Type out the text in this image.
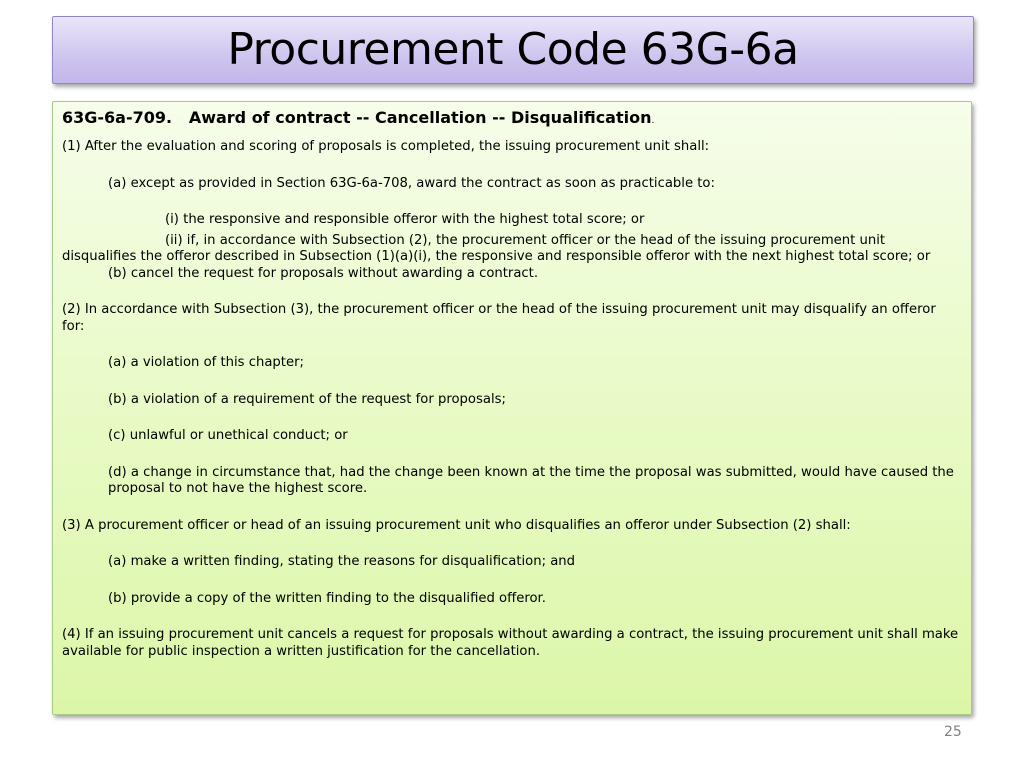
Procurement Code 63G-6a

63G-6a-709. Award of contract -- Cancellation -- Disqualification.

(1) After the evaluation and scoring of proposals is completed, the issuing procurement unit shall:

(a) except as provided in Section 63G-6a-708, award the contract as soon as practicable to:

(i) the responsive and responsible offeror with the highest total score; or

(ii) if, in accordance with Subsection (2), the procurement officer or the head of the issuing procurement unit disqualifies the offeror described in Subsection (1)(a)(i), the responsive and responsible offeror with the next highest total score; or

(b) cancel the request for proposals without awarding a contract.

(2) In accordance with Subsection (3), the procurement officer or the head of the issuing procurement unit may disqualify an offeror for:

(a) a violation of this chapter;

(b) a violation of a requirement of the request for proposals;

(c) unlawful or unethical conduct; or

(d) a change in circumstance that, had the change been known at the time the proposal was submitted, would have caused the proposal to not have the highest score.

(3) A procurement officer or head of an issuing procurement unit who disqualifies an offeror under Subsection (2) shall:

(a) make a written finding, stating the reasons for disqualification; and

(b) provide a copy of the written finding to the disqualified offeror.

(4) If an issuing procurement unit cancels a request for proposals without awarding a contract, the issuing procurement unit shall make available for public inspection a written justification for the cancellation.

25
